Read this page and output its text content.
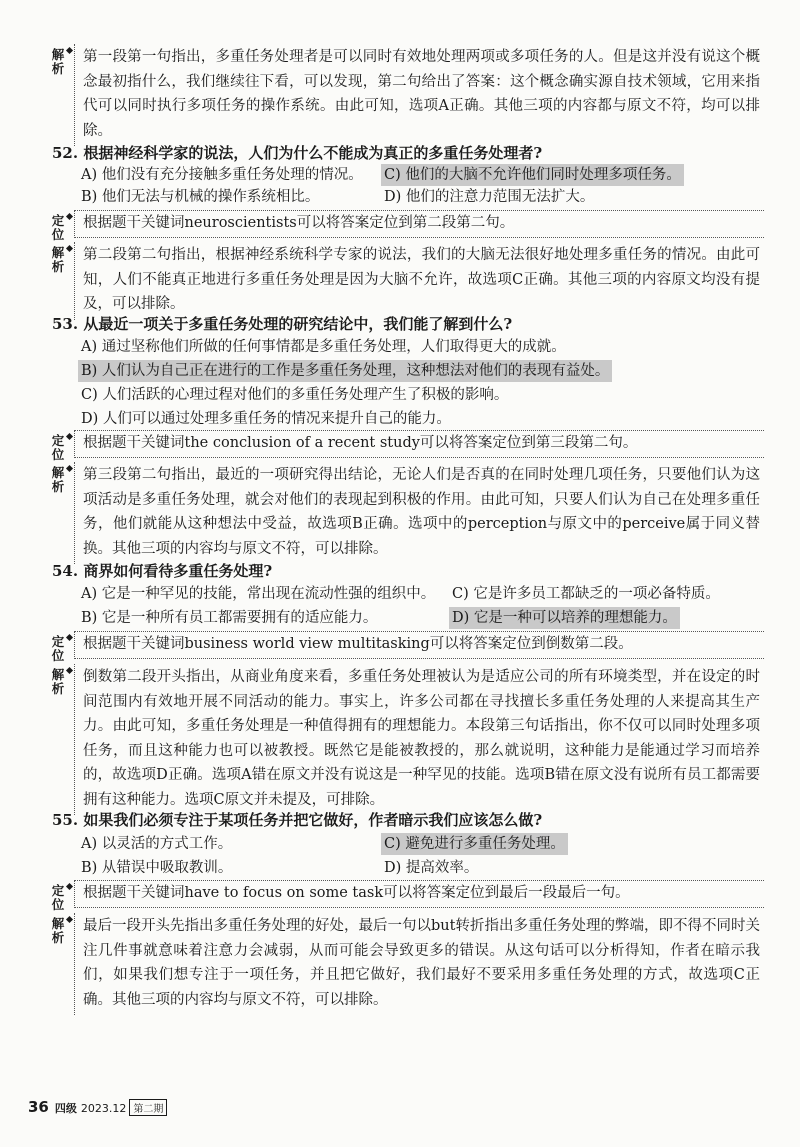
解析
第一段第一句指出，多重任务处理者是可以同时有效地处理两项或多项任务的人。但是这并没有说这个概念最初指什么，我们继续往下看，可以发现，第二句给出了答案：这个概念确实源自技术领域，它用来指代可以同时执行多项任务的操作系统。由此可知，选项A正确。其他三项的内容都与原文不符，均可以排除。
52. 根据神经科学家的说法，人们为什么不能成为真正的多重任务处理者?
A) 他们没有充分接触多重任务处理的情况。 C) 他们的大脑不允许他们同时处理多项任务。
B) 他们无法与机械的操作系统相比。	D) 他们的注意力范围无法扩大。
定位
根据题干关键词neuroscientists可以将答案定位到第二段第二句。
解析
第二段第二句指出，根据神经系统科学专家的说法，我们的大脑无法很好地处理多重任务的情况。由此可知，人们不能真正地进行多重任务处理是因为大脑不允许，故选项C正确。其他三项的内容原文均没有提及，可以排除。
53. 从最近一项关于多重任务处理的研究结论中，我们能了解到什么?
A) 通过坚称他们所做的任何事情都是多重任务处理，人们取得更大的成就。
B) 人们认为自己正在进行的工作是多重任务处理，这种想法对他们的表现有益处。
C) 人们活跃的心理过程对他们的多重任务处理产生了积极的影响。
D) 人们可以通过处理多重任务的情况来提升自己的能力。
定位
根据题干关键词the conclusion of a recent study可以将答案定位到第三段第二句。
解析
第三段第二句指出，最近的一项研究得出结论，无论人们是否真的在同时处理几项任务，只要他们认为这项活动是多重任务处理，就会对他们的表现起到积极的作用。由此可知，只要人们认为自己在处理多重任务，他们就能从这种想法中受益，故选项B正确。选项中的perception与原文中的perceive属于同义替换。其他三项的内容均与原文不符，可以排除。
54. 商界如何看待多重任务处理?
A) 它是一种罕见的技能，常出现在流动性强的组织中。 C) 它是许多员工都缺乏的一项必备特质。
B) 它是一种所有员工都需要拥有的适应能力。	D) 它是一种可以培养的理想能力。
定位
根据题干关键词business world view multitasking可以将答案定位到倒数第二段。
解析
倒数第二段开头指出，从商业角度来看，多重任务处理被认为是适应公司的所有环境类型，并在设定的时间范围内有效地开展不同活动的能力。事实上，许多公司都在寻找擅长多重任务处理的人来提高其生产力。由此可知，多重任务处理是一种值得拥有的理想能力。本段第三句话指出，你不仅可以同时处理多项任务，而且这种能力也可以被教授。既然它是能被教授的，那么就说明，这种能力是能通过学习而培养的，故选项D正确。选项A错在原文并没有说这是一种罕见的技能。选项B错在原文没有说所有员工都需要拥有这种能力。选项C原文并未提及，可排除。
55. 如果我们必须专注于某项任务并把它做好，作者暗示我们应该怎么做?
A) 以灵活的方式工作。	C) 避免进行多重任务处理。
B) 从错误中吸取教训。	D) 提高效率。
定位
根据题干关键词have to focus on some task可以将答案定位到最后一段最后一句。
解析
最后一段开头先指出多重任务处理的好处，最后一句以but转折指出多重任务处理的弊端，即不得不同时关注几件事就意味着注意力会减弱，从而可能会导致更多的错误。从这句话可以分析得知，作者在暗示我们，如果我们想专注于一项任务，并且把它做好，我们最好不要采用多重任务处理的方式，故选项C正确。其他三项的内容均与原文不符，可以排除。
36 四级 2023.12 第二期
